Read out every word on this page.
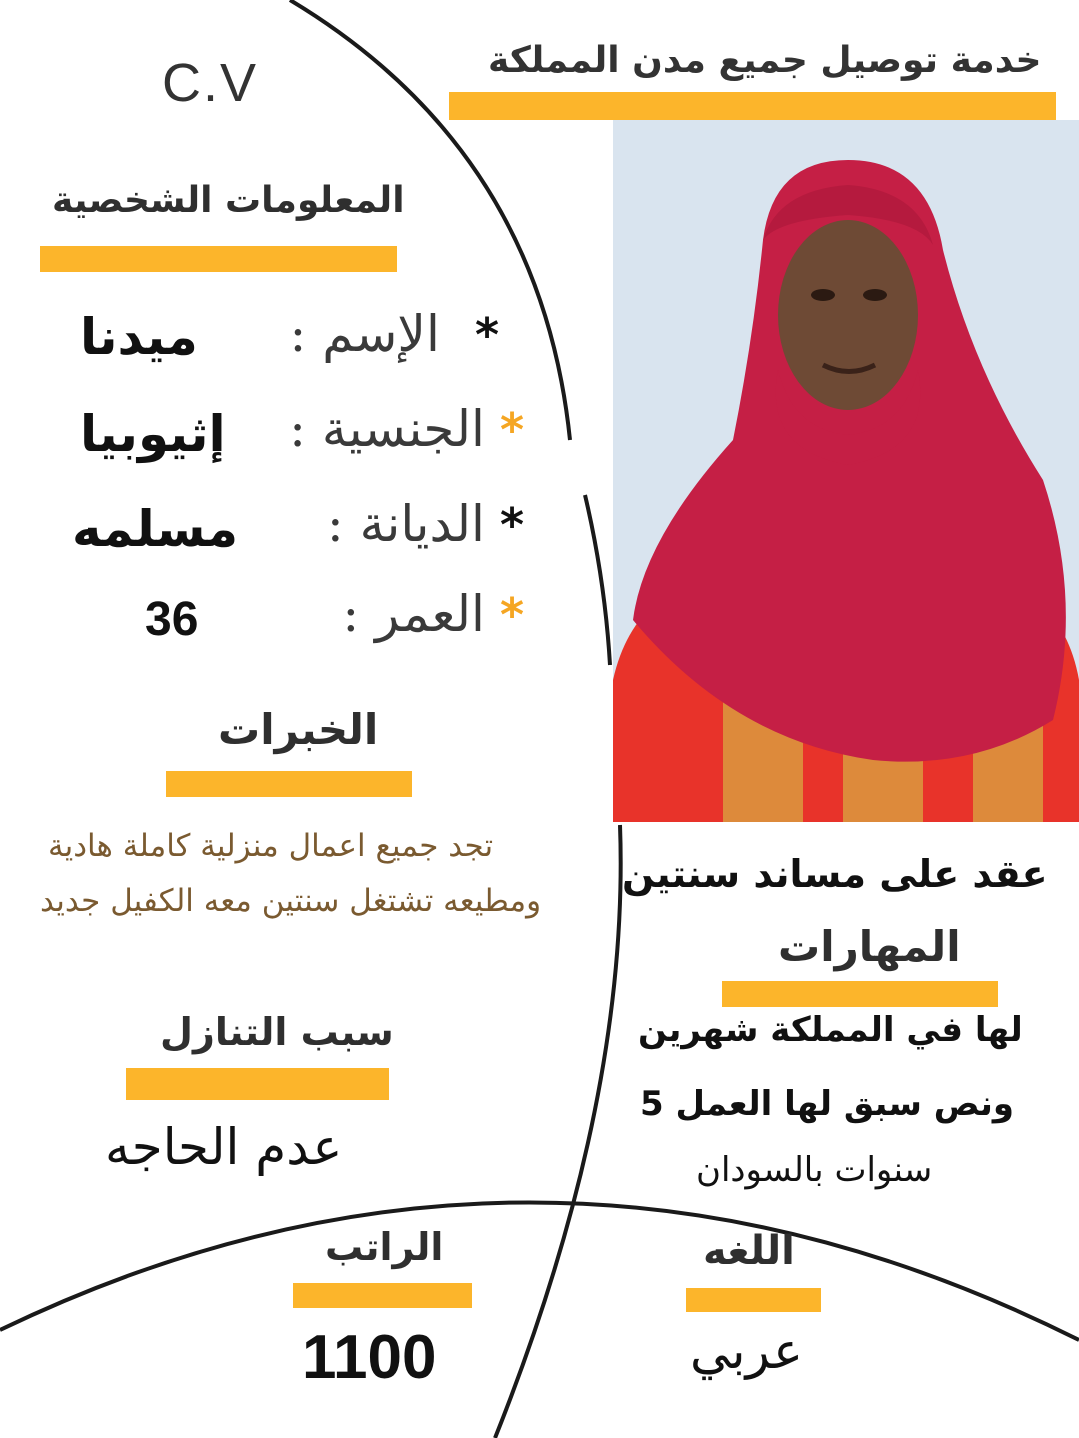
خدمة توصيل جميع مدن المملكة
C.V
المعلومات الشخصية
* الإسم :
ميدنا
* الجنسية :
إثيوبيا
* الديانة :
مسلمه
* العمر :
36
الخبرات
تجد جميع اعمال منزلية كاملة هادية
ومطيعه تشتغل سنتين معه الكفيل جديد
عقد على مساند سنتين
المهارات
لها في المملكة شهرين
ونص سبق لها العمل 5
سنوات بالسودان
سبب التنازل
عدم الحاجه
الراتب
1100
اللغه
عربي
